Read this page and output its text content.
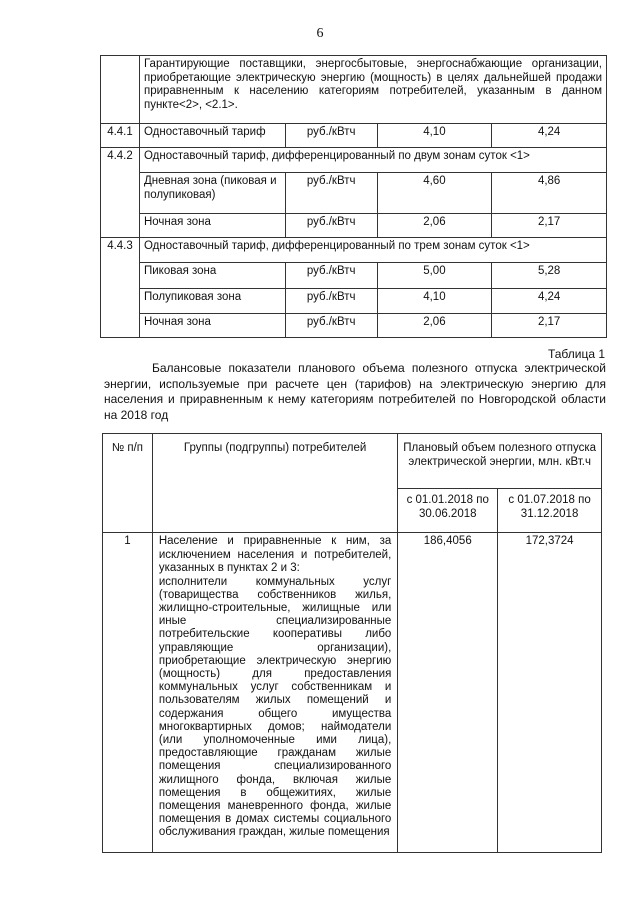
6
	Гарантирующие поставщики, энергосбытовые, энергоснабжающие организации, приобретающие электрическую энергию (мощность) в целях дальнейшей продажи приравненным к населению категориям потребителей, указанным в данном пункте<2>, <2.1>.			
4.4.1	Одноставочный тариф	руб./кВтч	4,10	4,24
4.4.2	Одноставочный тариф, дифференцированный по двум зонам суток <1>			
	Дневная зона (пиковая и полупиковая)	руб./кВтч	4,60	4,86
	Ночная зона	руб./кВтч	2,06	2,17
4.4.3	Одноставочный тариф, дифференцированный по трем зонам суток <1>			
	Пиковая зона	руб./кВтч	5,00	5,28
	Полупиковая зона	руб./кВтч	4,10	4,24
	Ночная зона	руб./кВтч	2,06	2,17
Таблица 1
Балансовые показатели планового объема полезного отпуска электрической энергии, используемые при расчете цен (тарифов) на электрическую энергию для населения и приравненным к нему категориям потребителей по Новгородской области на 2018 год
№ п/п	Группы (подгруппы) потребителей	Плановый объем полезного отпуска электрической энергии, млн. кВт.ч	
		с 01.01.2018 по 30.06.2018	с 01.07.2018 по 31.12.2018
1	Население и приравненные к ним, за исключением населения и потребителей, указанных в пунктах 2 и 3:
исполнители коммунальных услуг (товарищества собственников жилья, жилищно-строительные, жилищные или иные специализированные потребительские кооперативы либо управляющие организации), приобретающие электрическую энергию (мощность) для предоставления коммунальных услуг собственникам и пользователям жилых помещений и содержания общего имущества многоквартирных домов; наймодатели (или уполномоченные ими лица), предоставляющие гражданам жилые помещения специализированного жилищного фонда, включая жилые помещения в общежитиях, жилые помещения маневренного фонда, жилые помещения в домах системы социального обслуживания граждан, жилые помещения	186,4056	172,3724
